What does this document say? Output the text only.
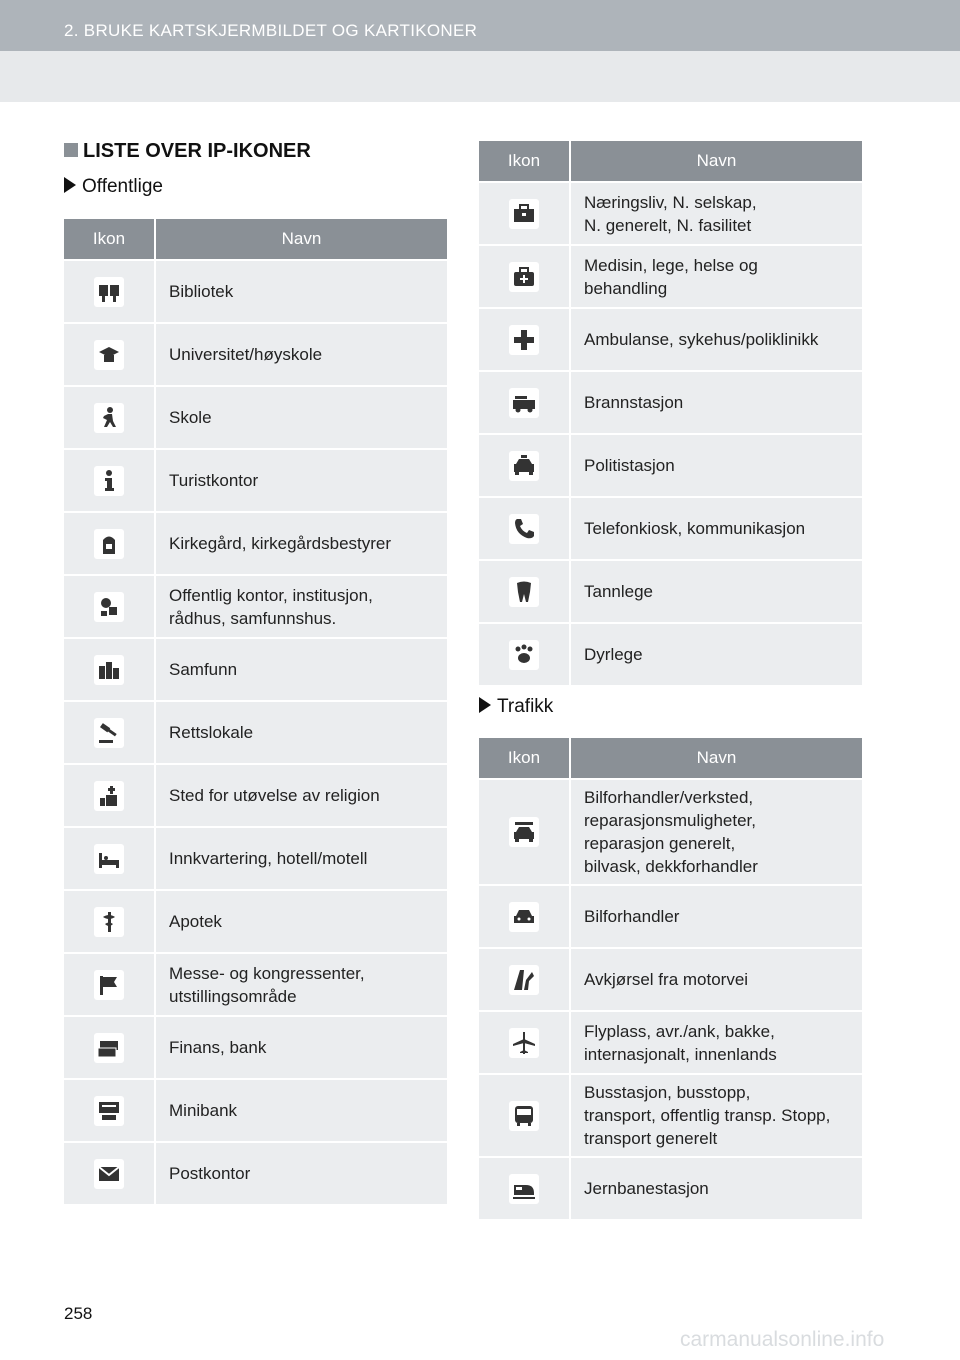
2. BRUKE KARTSKJERMBILDET OG KARTIKONER
LISTE OVER IP-IKONER
Offentlige
Ikon	Navn

	Bibliotek

	Universitet/høyskole

	Skole

	Turistkontor

	Kirkegård, kirkegårdsbestyrer

	Offentlig kontor, institusjon,
rådhus, samfunnshus.

	Samfunn

	Rettslokale

	Sted for utøvelse av religion

	Innkvartering, hotell/motell

	Apotek

	Messe- og kongressenter,
utstillingsområde

	Finans, bank

	Minibank

	Postkontor
Ikon	Navn

	Næringsliv, N. selskap,
N. generelt, N. fasilitet

	Medisin, lege, helse og
behandling

	Ambulanse, sykehus/poliklinikk

	Brannstasjon

	Politistasjon

	Telefonkiosk, kommunikasjon

	Tannlege

	Dyrlege
Trafikk
Ikon	Navn

	Bilforhandler/verksted,
reparasjonsmuligheter,
reparasjon generelt,
bilvask, dekkforhandler

	Bilforhandler

	Avkjørsel fra motorvei

	Flyplass, avr./ank, bakke,
internasjonalt, innenlands

	Busstasjon, busstopp,
transport, offentlig transp. Stopp,
transport generelt

	Jernbanestasjon
258
carmanualsonline.info
